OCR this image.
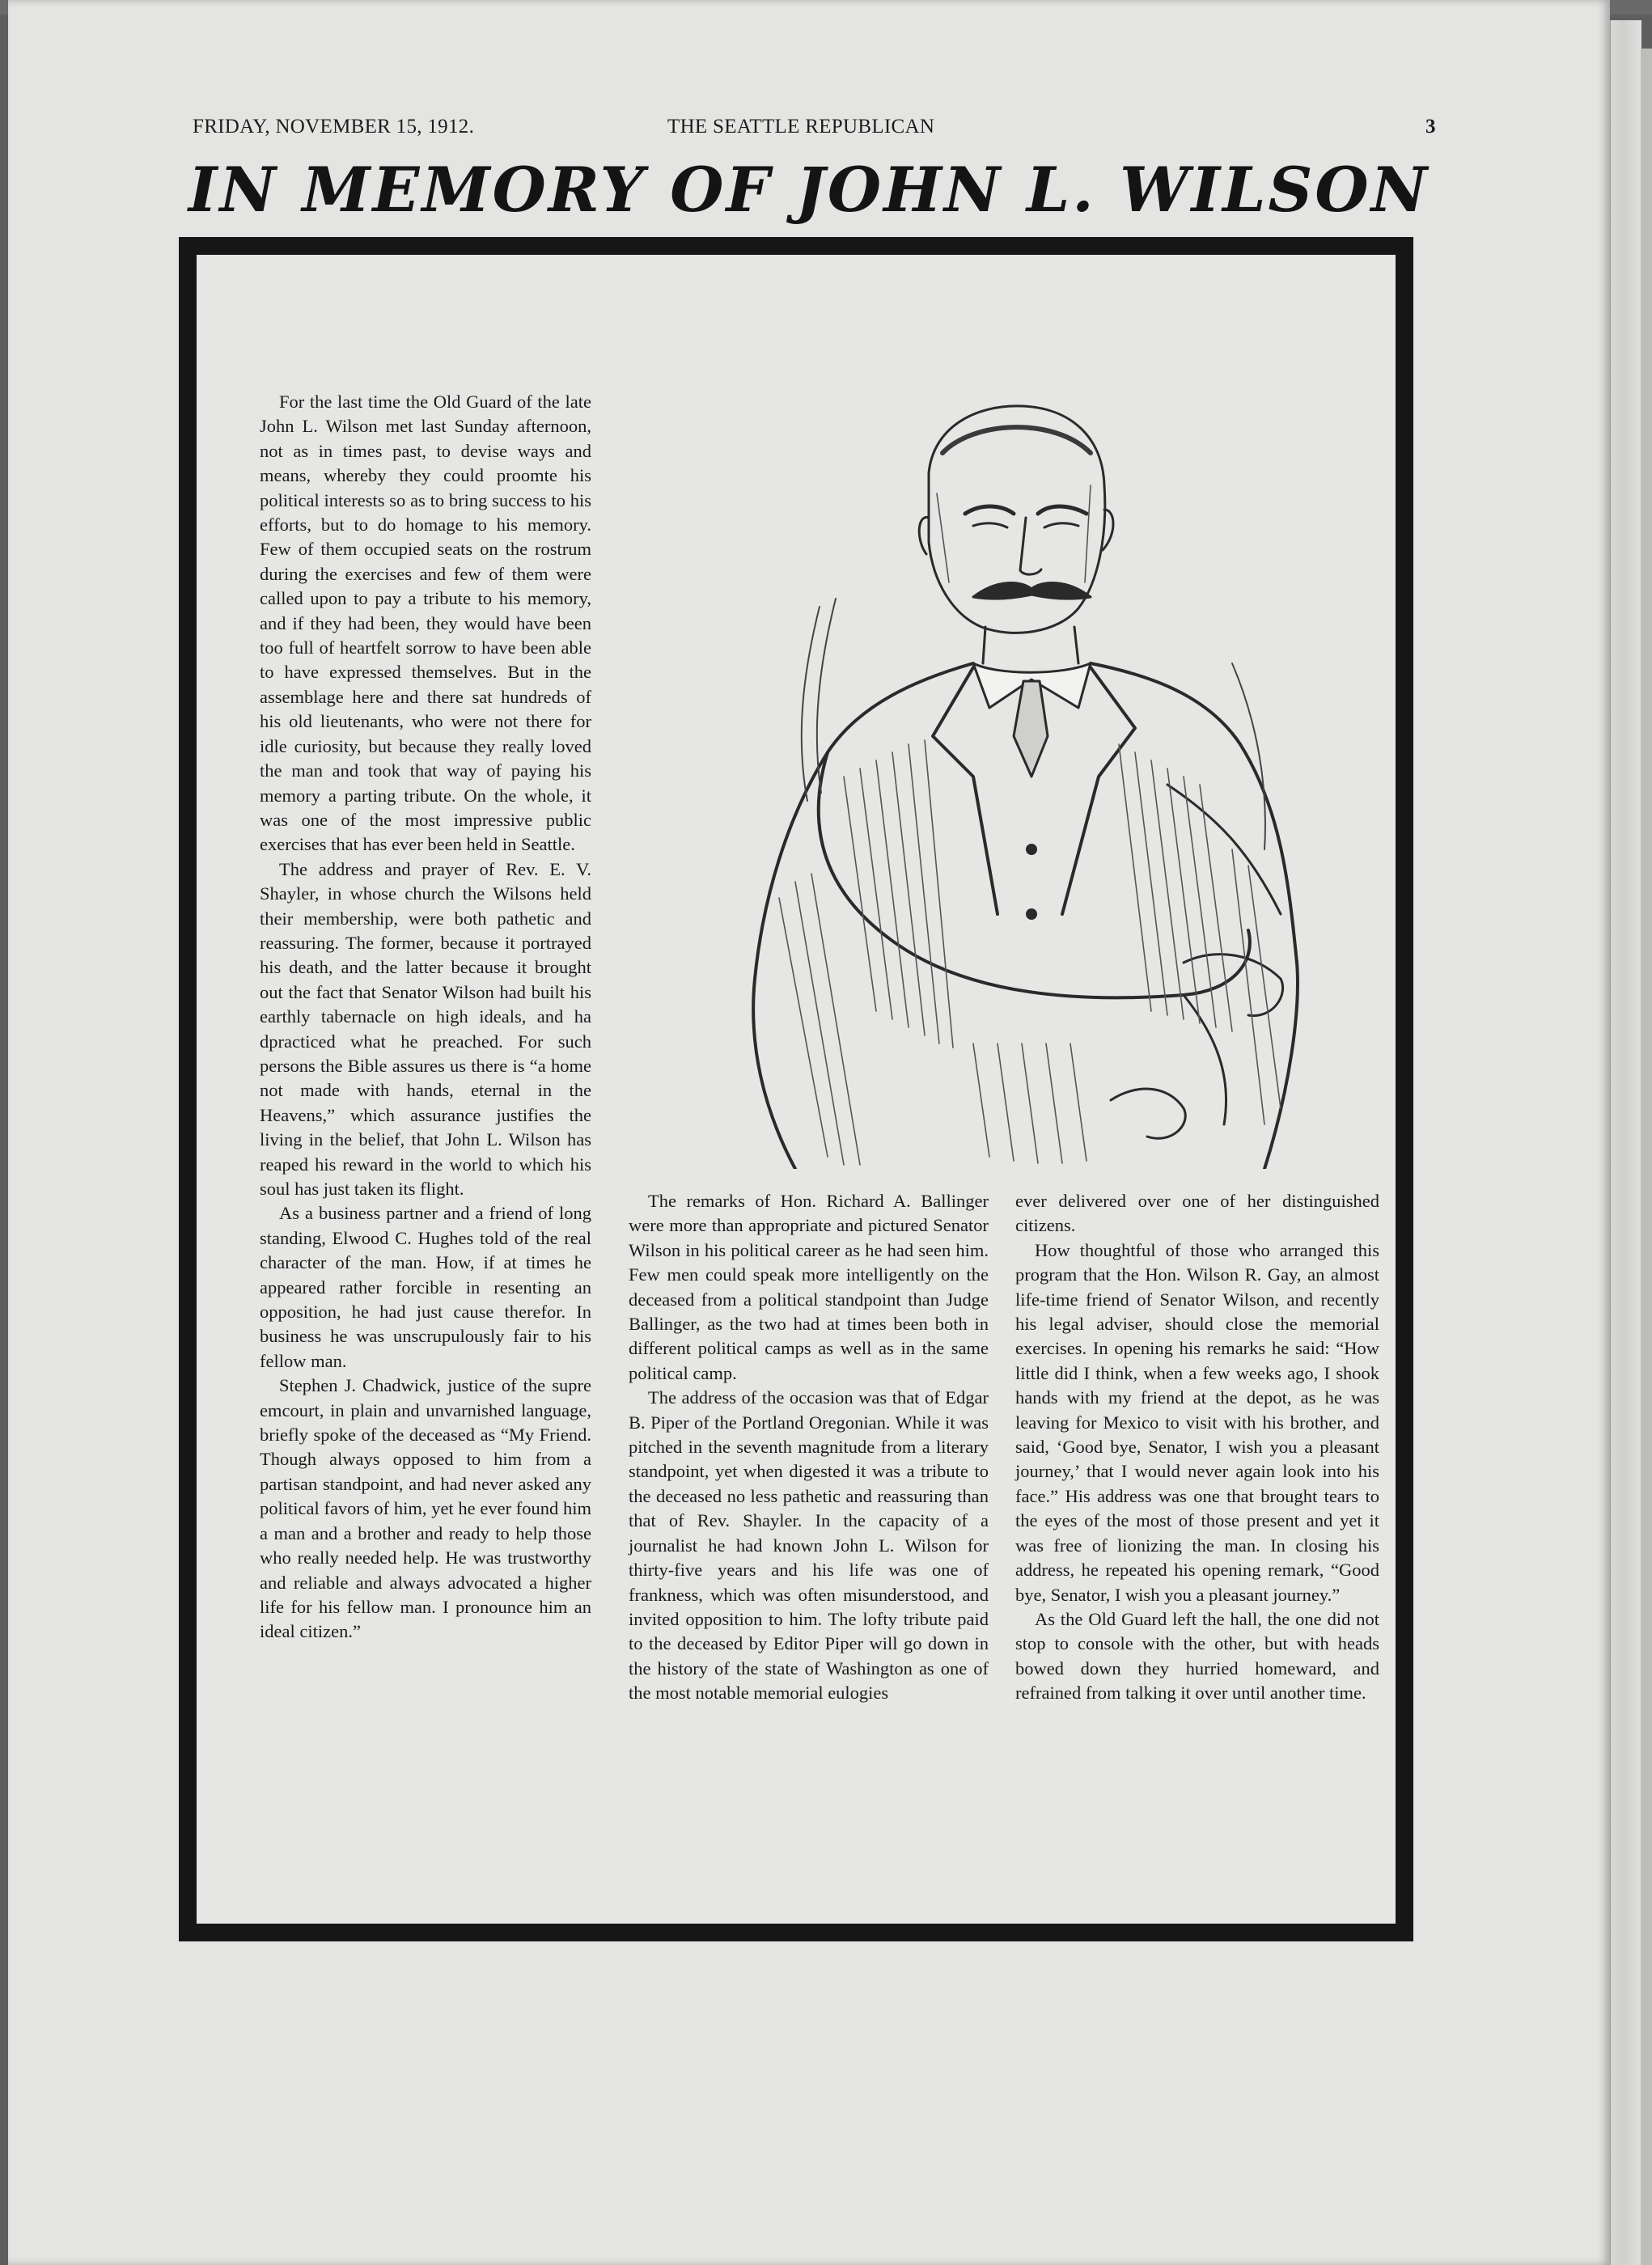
FRIDAY, NOVEMBER 15, 1912.	THE SEATTLE REPUBLICAN	3
IN MEMORY OF JOHN L. WILSON

For the last time the Old Guard of the late John L. Wilson met last Sunday afternoon, not as in times past, to devise ways and means, whereby they could proomte his political interests so as to bring success to his efforts, but to do homage to his memory. Few of them occupied seats on the rostrum during the exercises and few of them were called upon to pay a tribute to his memory, and if they had been, they would have been too full of heartfelt sorrow to have been able to have expressed themselves. But in the assemblage here and there sat hundreds of his old lieutenants, who were not there for idle curiosity, but because they really loved the man and took that way of paying his memory a parting tribute. On the whole, it was one of the most impressive public exercises that has ever been held in Seattle.

The address and prayer of Rev. E. V. Shayler, in whose church the Wilsons held their membership, were both pathetic and reassuring. The former, because it portrayed his death, and the latter because it brought out the fact that Senator Wilson had built his earthly tabernacle on high ideals, and ha dpracticed what he preached. For such persons the Bible assures us there is “a home not made with hands, eternal in the Heavens,” which assurance justifies the living in the belief, that John L. Wilson has reaped his reward in the world to which his soul has just taken its flight.

As a business partner and a friend of long standing, Elwood C. Hughes told of the real character of the man. How, if at times he appeared rather forcible in resenting an opposition, he had just cause therefor. In business he was unscrupulously fair to his fellow man.

Stephen J. Chadwick, justice of the supre emcourt, in plain and unvarnished language, briefly spoke of the deceased as “My Friend. Though always opposed to him from a partisan standpoint, and had never asked any political favors of him, yet he ever found him a man and a brother and ready to help those who really needed help. He was trustworthy and reliable and always advocated a higher life for his fellow man. I pronounce him an ideal citizen.”

The remarks of Hon. Richard A. Ballinger were more than appropriate and pictured Senator Wilson in his political career as he had seen him. Few men could speak more intelligently on the deceased from a political standpoint than Judge Ballinger, as the two had at times been both in different political camps as well as in the same political camp.

The address of the occasion was that of Edgar B. Piper of the Portland Oregonian. While it was pitched in the seventh magnitude from a literary standpoint, yet when digested it was a tribute to the deceased no less pathetic and reassuring than that of Rev. Shayler. In the capacity of a journalist he had known John L. Wilson for thirty-five years and his life was one of frankness, which was often misunderstood, and invited opposition to him. The lofty tribute paid to the deceased by Editor Piper will go down in the history of the state of Washington as one of the most notable memorial eulogies

ever delivered over one of her distinguished citizens.

How thoughtful of those who arranged this program that the Hon. Wilson R. Gay, an almost life-time friend of Senator Wilson, and recently his legal adviser, should close the memorial exercises. In opening his remarks he said: “How little did I think, when a few weeks ago, I shook hands with my friend at the depot, as he was leaving for Mexico to visit with his brother, and said, ‘Good bye, Senator, I wish you a pleasant journey,’ that I would never again look into his face.” His address was one that brought tears to the eyes of the most of those present and yet it was free of lionizing the man. In closing his address, he repeated his opening remark, “Good bye, Senator, I wish you a pleasant journey.”

As the Old Guard left the hall, the one did not stop to console with the other, but with heads bowed down they hurried homeward, and refrained from talking it over until another time.
